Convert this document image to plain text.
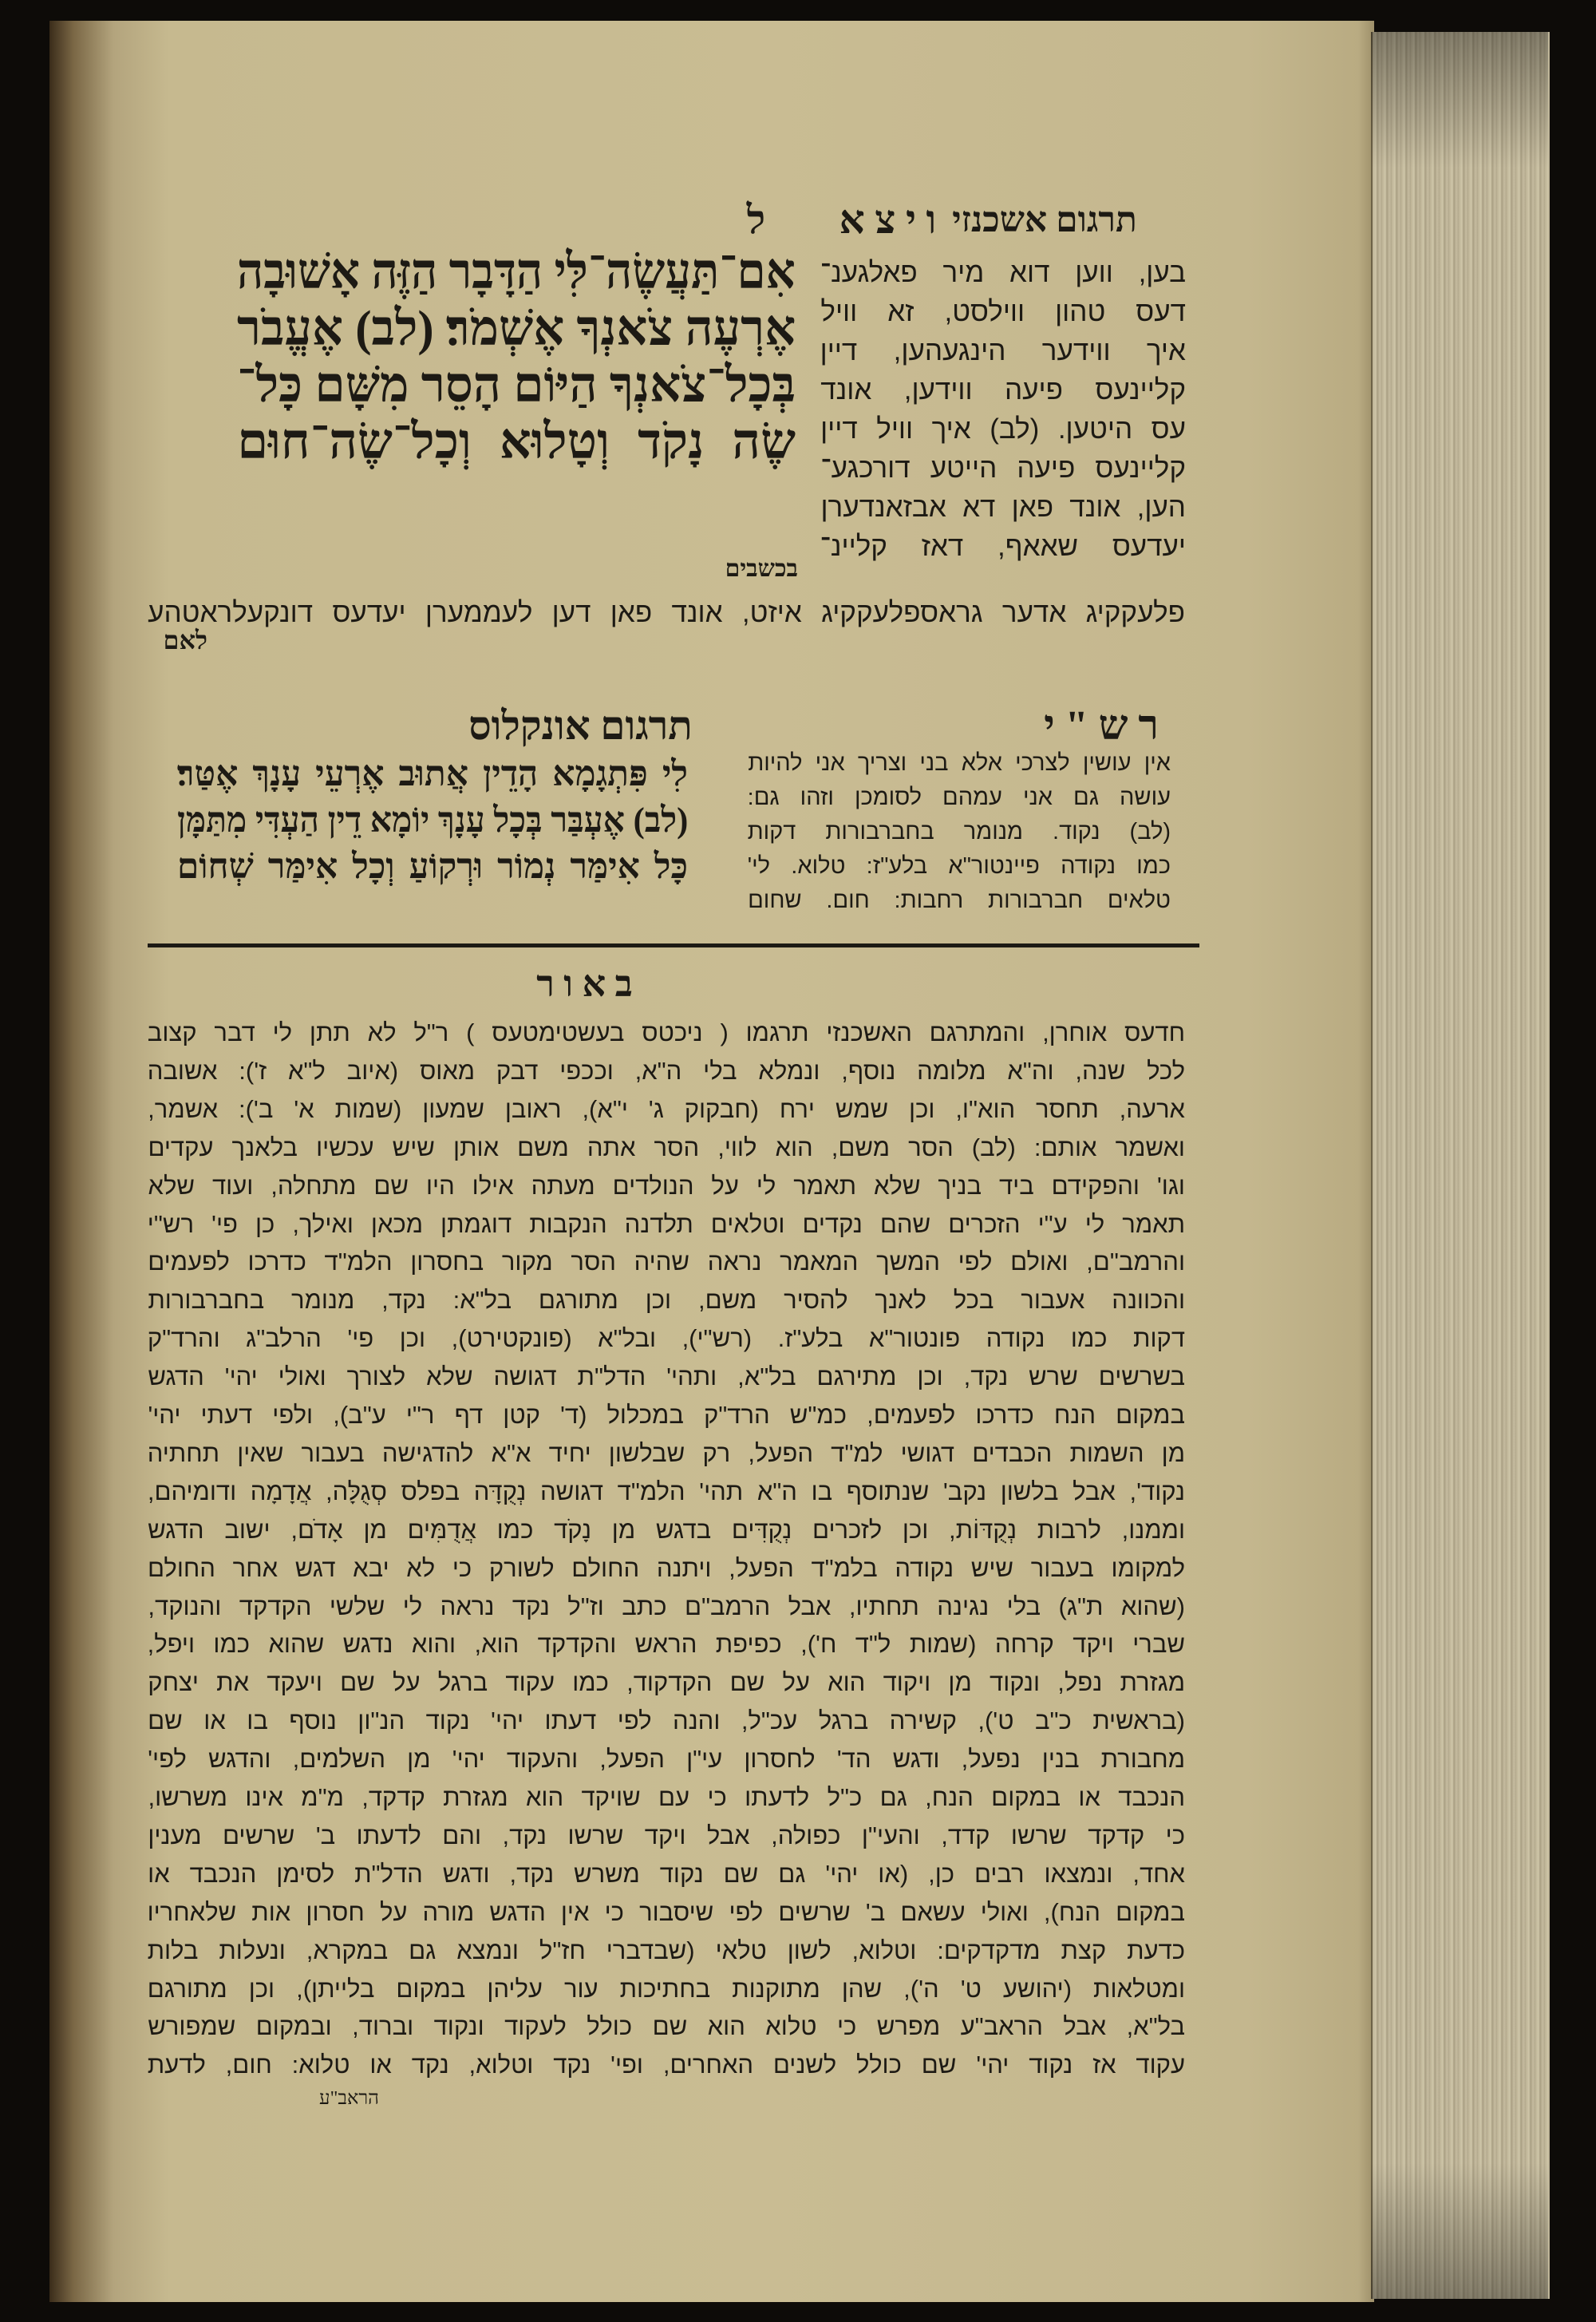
תרגום אשכנזי
ו י צ א
ל
אִם־תַּעֲשֶׂה־לִּי הַדָּבָר הַזֶּה אָשׁוּבָה
אֶרְעֶה צֹאנְךָ אֶשְׁמֹר׃ (לב) אֶעֱבֹר
בְּכָל־צֹאנְךָ הַיּוֹם הָסֵר מִשָּׁם כָּל־
שֶׂה נָקֹד וְטָלוּא וְכָל־שֶׂה־חוּם
בכשבים
בען, ווען דוא מיר פאלגענ־
דעס טהון ווילסט, זא וויל
איך ווידער הינגעהען, דיין
קליינעס פיעה ווידען, אונד
עס היטען. (לב) איך וויל דיין
קליינעס פיעה הייטע דורכגע־
הען, אונד פאן דא אבזאנדערן
יעדעס שאאף, דאז קליינ־
פלעקקיג אדער גראספלעקקיג איזט, אונד פאן דען לעממערן יעדעס דונקעלראטהע
לאם
ר ש " י
תרגום אונקלוס
אין עושין לצרכי אלא בני וצריך אני להיות
עושה גם אני עמהם לסומכן וזהו גם:
(לב) נקוד. מנומר בחברבורות דקות
כמו נקודה פיינטור"א בלע"ז: טלוא. לי'
טלאים חברבורות רחבות: חום. שחום
לִי פִּתְגָמָא הָדֵין אֲתוּב אֶרְעֵי עָנָךְ אֶטַּר׃
(לב) אֶעְבַּר בְּכָל עָנָךְ יוֹמָא דֵין הַעְדִּי מִתַּמָּן
כָּל אִימַּר נְמוֹר וּרְקוֹעַ וְכָל אִימַּר שְׁחוֹם
ב א ו ר
חדעס אוחרן, והמתרגם האשכנזי תרגמו ( ניכטס בעשטימטעס ) ר"ל לא תתן לי דבר קצוב
לכל שנה, וה"א מלומה נוסף, ונמלא בלי ה"א, וככפי דבק מאוס (איוב ל"א ז'): אשובה
ארעה, תחסר הוא"ו, וכן שמש ירח (חבקוק ג' י"א), ראובן שמעון (שמות א' ב'): אשמר,
ואשמר אותם: (לב) הסר משם, הוא לווי, הסר אתה משם אותן שיש עכשיו בלאנך עקדים
וגו' והפקידם ביד בניך שלא תאמר לי על הנולדים מעתה אילו היו שם מתחלה, ועוד שלא
תאמר לי ע"י הזכרים שהם נקדים וטלאים תלדנה הנקבות דוגמתן מכאן ואילך, כן פי' רש"י
והרמב"ם, ואולם לפי המשך המאמר נראה שהיה הסר מקור בחסרון הלמ"ד כדרכו לפעמים
והכוונה אעבור בכל לאנך להסיר משם, וכן מתורגם בל"א: נקד, מנומר בחברבורות
דקות כמו נקודה פונטור"א בלע"ז. (רש"י), ובל"א (פונקטירט), וכן פי' הרלב"ג והרד"ק
בשרשים שרש נקד, וכן מתירגם בל"א, ותהי' הדל"ת דגושה שלא לצורך ואולי יהי' הדגש
במקום הנח כדרכו לפעמים, כמ"ש הרד"ק במכלול (ד' קטן דף ר"י ע"ב), ולפי דעתי יהי'
מן השמות הכבדים דגושי למ"ד הפעל, רק שבלשון יחיד א"א להדגישה בעבור שאין תחתיה
נקוד', אבל בלשון נקב' שנתוסף בו ה"א תהי' הלמ"ד דגושה נְקֻדָּה בפלס סְגֻלָּה, אֲדָמָה ודומיהם,
וממנו, לרבות נְקֻדּוֹת, וכן לזכרים נְקֻדִּים בדגש מן נָקֹד כמו אֲדֻמִּים מן אָדֹם, ישוב הדגש
למקומו בעבור שיש נקודה בלמ"ד הפעל, ויתנה החולם לשורק כי לא יבא דגש אחר החולם
(שהוא ת"ג) בלי נגינה תחתיו, אבל הרמב"ם כתב וז"ל נקד נראה לי שלשי הקדקד והנוקד,
שברי ויקד קרחה (שמות ל"ד ח'), כפיפת הראש והקדקד הוא, והוא נדגש שהוא כמו ויפל,
מגזרת נפל, ונקוד מן ויקוד הוא על שם הקדקוד, כמו עקוד ברגל על שם ויעקד את יצחק
(בראשית כ"ב ט'), קשירה ברגל עכ"ל, והנה לפי דעתו יהי' נקוד הנ"ון נוסף בו או שם
מחבורת בנין נפעל, ודגש הד' לחסרון עי"ן הפעל, והעקוד יהי' מן השלמים, והדגש לפי'
הנכבד או במקום הנח, גם כ"ל לדעתו כי עם שויקד הוא מגזרת קדקד, מ"מ אינו משרשו,
כי קדקד שרשו קדד, והעי"ן כפולה, אבל ויקד שרשו נקד, והם לדעתו ב' שרשים מענין
אחד, ונמצאו רבים כן, (או יהי' גם שם נקוד משרש נקד, ודגש הדל"ת לסימן הנכבד או
במקום הנח), ואולי עשאם ב' שרשים לפי שיסבור כי אין הדגש מורה על חסרון אות שלאחריו
כדעת קצת מדקדקים: וטלוא, לשון טלאי (שבדברי חז"ל ונמצא גם במקרא, ונעלות בלות
ומטלאות (יהושע ט' ה'), שהן מתוקנות בחתיכות עור עליהן במקום בלייתן), וכן מתורגם
בל"א, אבל הראב"ע מפרש כי טלוא הוא שם כולל לעקוד ונקוד וברוד, ובמקום שמפורש
עקוד אז נקוד יהי' שם כולל לשנים האחרים, ופי' נקד וטלוא, נקד או טלוא: חום, לדעת
הראב"ע
